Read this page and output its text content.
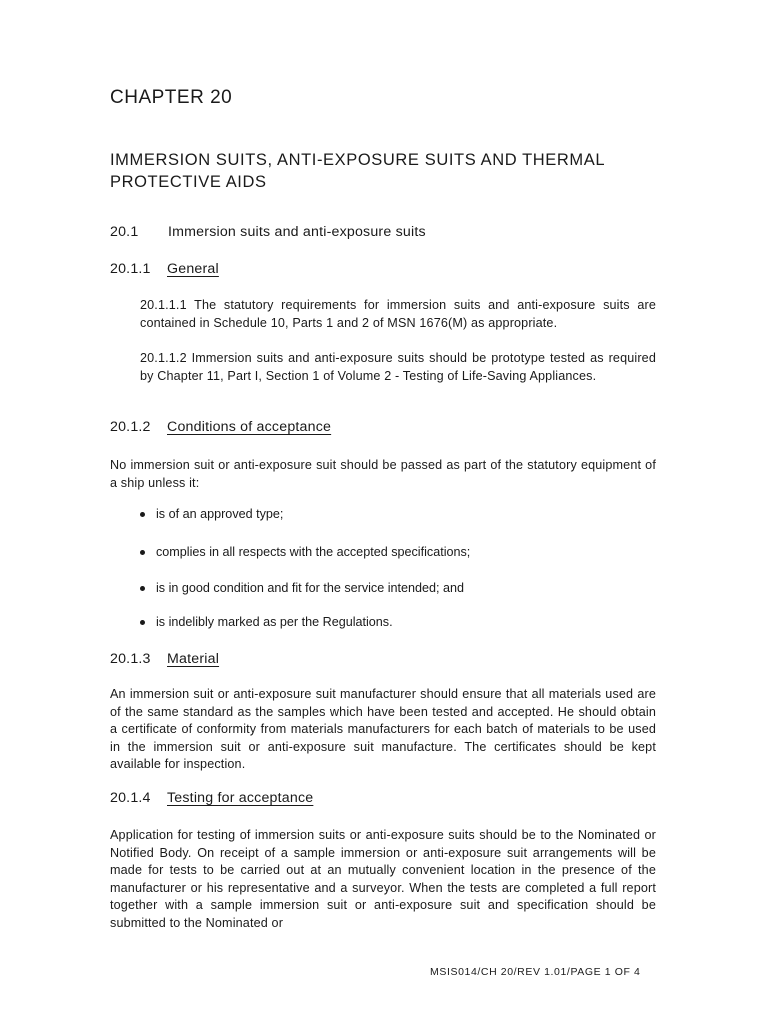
CHAPTER 20
IMMERSION SUITS, ANTI-EXPOSURE SUITS AND THERMAL PROTECTIVE AIDS
20.1 Immersion suits and anti-exposure suits
20.1.1 General

20.1.1.1 The statutory requirements for immersion suits and anti-exposure suits are contained in Schedule 10, Parts 1 and 2 of MSN 1676(M) as appropriate.

20.1.1.2 Immersion suits and anti-exposure suits should be prototype tested as required by Chapter 11, Part I, Section 1 of Volume 2 - Testing of Life-Saving Appliances.

20.1.2 Conditions of acceptance

No immersion suit or anti-exposure suit should be passed as part of the statutory equipment of a ship unless it:

is of an approved type;
complies in all respects with the accepted specifications;
is in good condition and fit for the service intended; and
is indelibly marked as per the Regulations.
20.1.3 Material

An immersion suit or anti-exposure suit manufacturer should ensure that all materials used are of the same standard as the samples which have been tested and accepted. He should obtain a certificate of conformity from materials manufacturers for each batch of materials to be used in the immersion suit or anti-exposure suit manufacture. The certificates should be kept available for inspection.

20.1.4 Testing for acceptance

Application for testing of immersion suits or anti-exposure suits should be to the Nominated or Notified Body. On receipt of a sample immersion or anti-exposure suit arrangements will be made for tests to be carried out at an mutually convenient location in the presence of the manufacturer or his representative and a surveyor. When the tests are completed a full report together with a sample immersion suit or anti-exposure suit and specification should be submitted to the Nominated or

MSIS014/CH 20/REV 1.01/PAGE 1 OF 4
